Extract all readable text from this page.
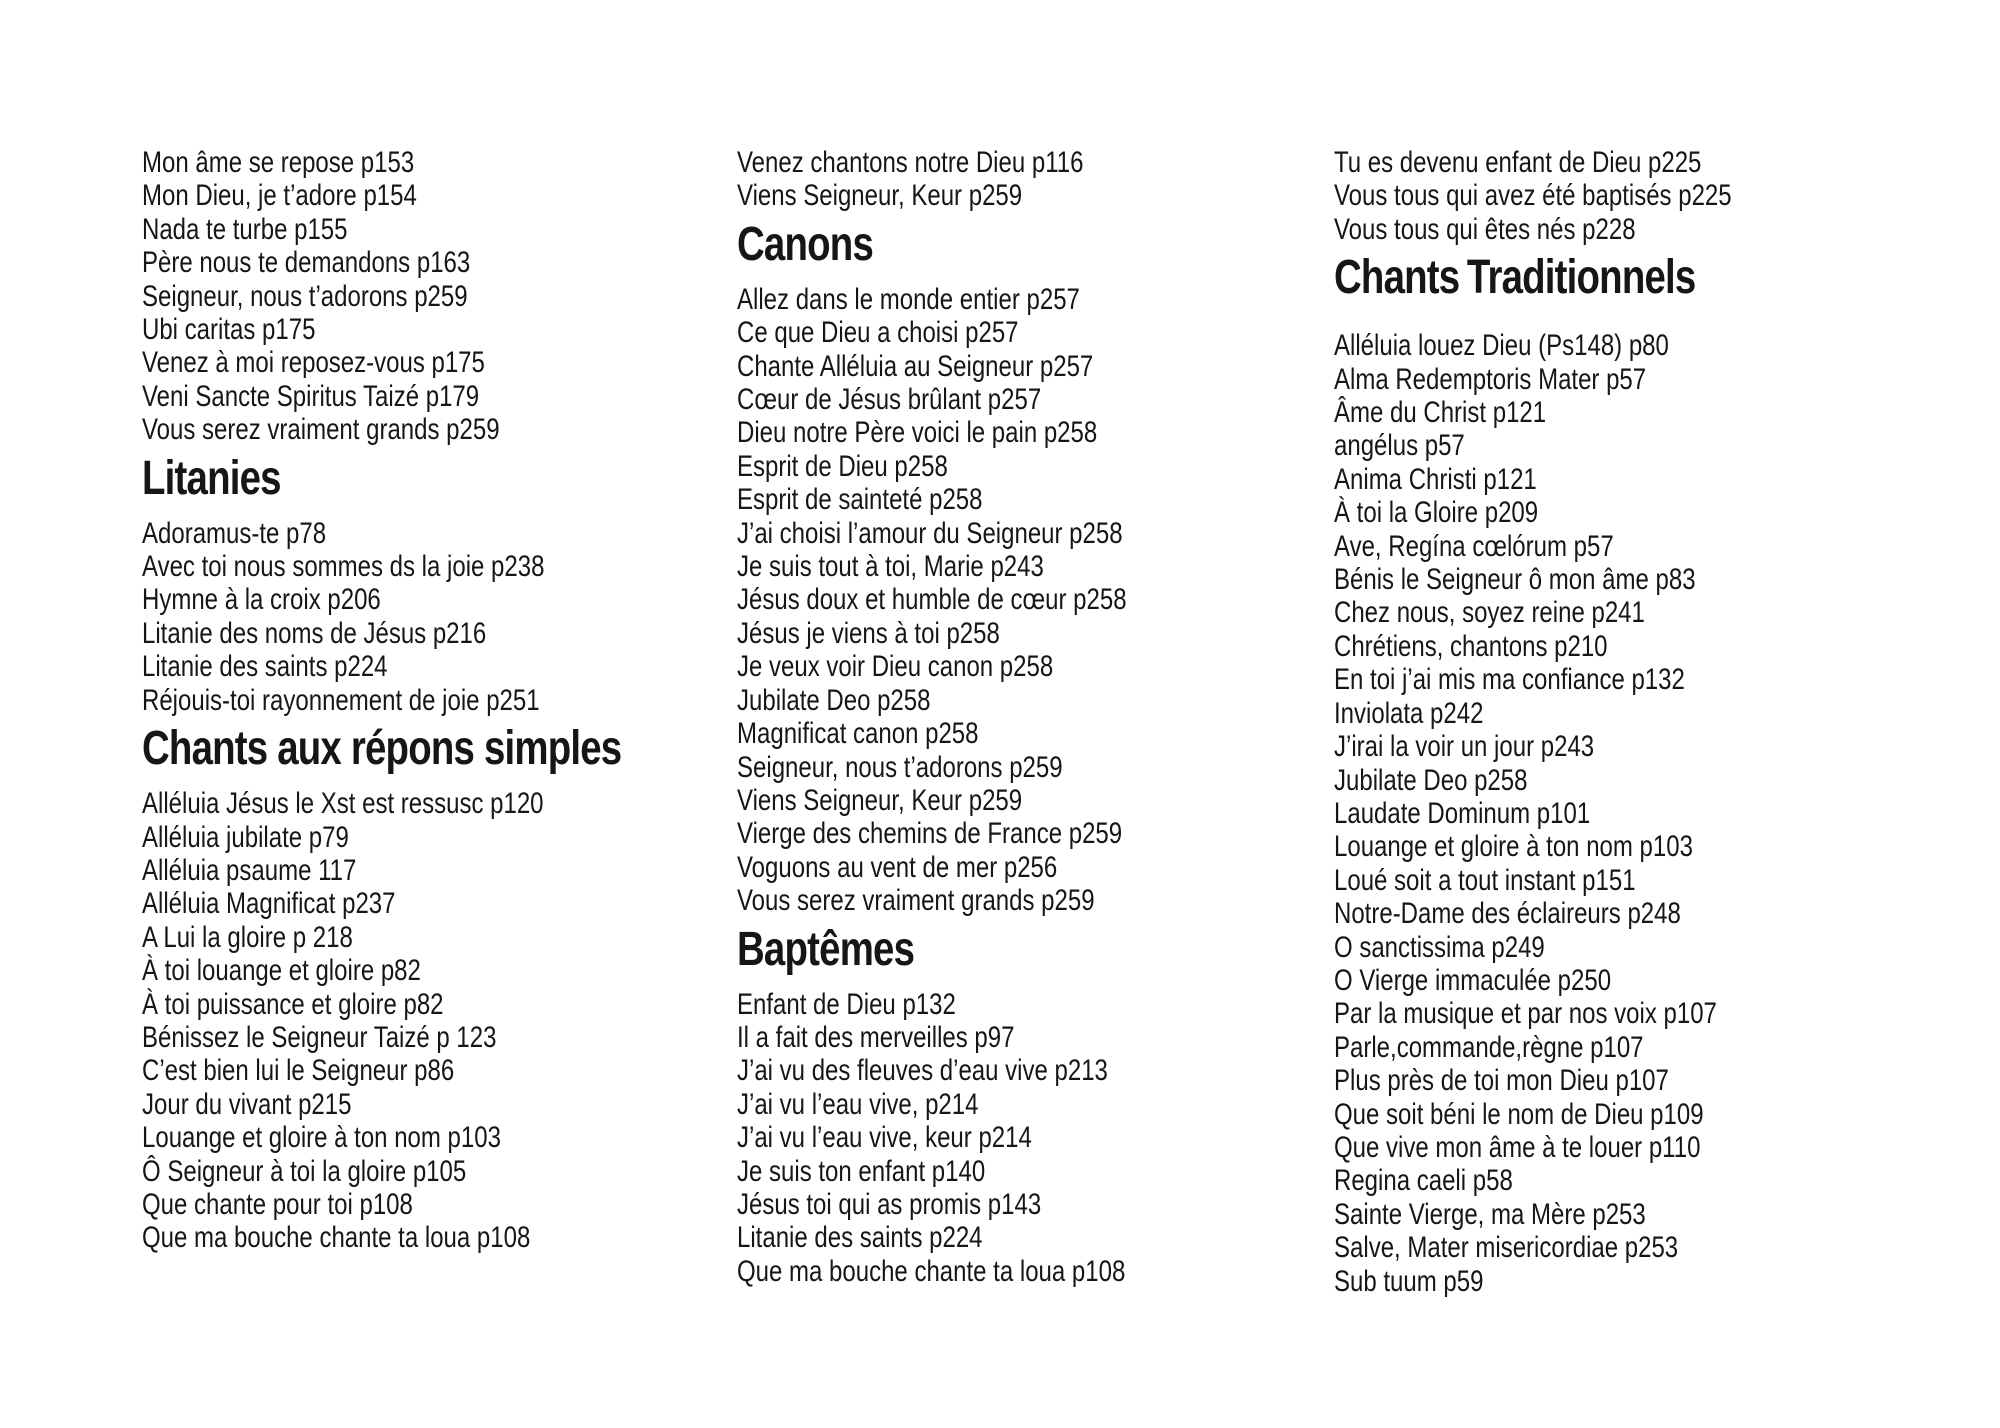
Mon âme se repose p153
Mon Dieu, je t’adore p154
Nada te turbe p155
Père nous te demandons p163
Seigneur, nous t’adorons p259
Ubi caritas p175
Venez à moi reposez-vous p175
Veni Sancte Spiritus Taizé p179
Vous serez vraiment grands p259
Litanies
Adoramus-te p78
Avec toi nous sommes ds la joie p238
Hymne à la croix p206
Litanie des noms de Jésus p216
Litanie des saints p224
Réjouis-toi rayonnement de joie p251
Chants aux répons simples
Alléluia Jésus le Xst est ressusc p120
Alléluia jubilate p79
Alléluia psaume 117
Alléluia Magnificat p237
A Lui la gloire p 218
À toi louange et gloire p82
À toi puissance et gloire p82
Bénissez le Seigneur Taizé p 123
C’est bien lui le Seigneur p86
Jour du vivant p215
Louange et gloire à ton nom p103
Ô Seigneur à toi la gloire p105
Que chante pour toi p108
Que ma bouche chante ta loua p108
Venez chantons notre Dieu p116
Viens Seigneur, Keur p259
Canons
Allez dans le monde entier p257
Ce que Dieu a choisi p257
Chante Alléluia au Seigneur p257
Cœur de Jésus brûlant p257
Dieu notre Père voici le pain p258
Esprit de Dieu p258
Esprit de sainteté p258
J’ai choisi l’amour du Seigneur p258
Je suis tout à toi, Marie p243
Jésus doux et humble de cœur p258
Jésus je viens à toi p258
Je veux voir Dieu canon p258
Jubilate Deo p258
Magnificat canon p258
Seigneur, nous t’adorons p259
Viens Seigneur, Keur p259
Vierge des chemins de France p259
Voguons au vent de mer p256
Vous serez vraiment grands p259
Baptêmes
Enfant de Dieu p132
Il a fait des merveilles p97
J’ai vu des fleuves d’eau vive p213
J’ai vu l’eau vive, p214
J’ai vu l’eau vive, keur p214
Je suis ton enfant p140
Jésus toi qui as promis p143
Litanie des saints p224
Que ma bouche chante ta loua p108
Tu es devenu enfant de Dieu p225
Vous tous qui avez été baptisés p225
Vous tous qui êtes nés p228
Chants Traditionnels
Alléluia louez Dieu (Ps148) p80
Alma Redemptoris Mater p57
Âme du Christ p121
angélus p57
Anima Christi p121
À toi la Gloire p209
Ave, Regína cœlórum p57
Bénis le Seigneur ô mon âme p83
Chez nous, soyez reine p241
Chrétiens, chantons p210
En toi j’ai mis ma confiance p132
Inviolata p242
J’irai la voir un jour p243
Jubilate Deo p258
Laudate Dominum p101
Louange et gloire à ton nom p103
Loué soit a tout instant p151
Notre-Dame des éclaireurs p248
O sanctissima p249
O Vierge immaculée p250
Par la musique et par nos voix p107
Parle,commande,règne p107
Plus près de toi mon Dieu p107
Que soit béni le nom de Dieu p109
Que vive mon âme à te louer p110
Regina caeli p58
Sainte Vierge, ma Mère p253
Salve, Mater misericordiae p253
Sub tuum p59
